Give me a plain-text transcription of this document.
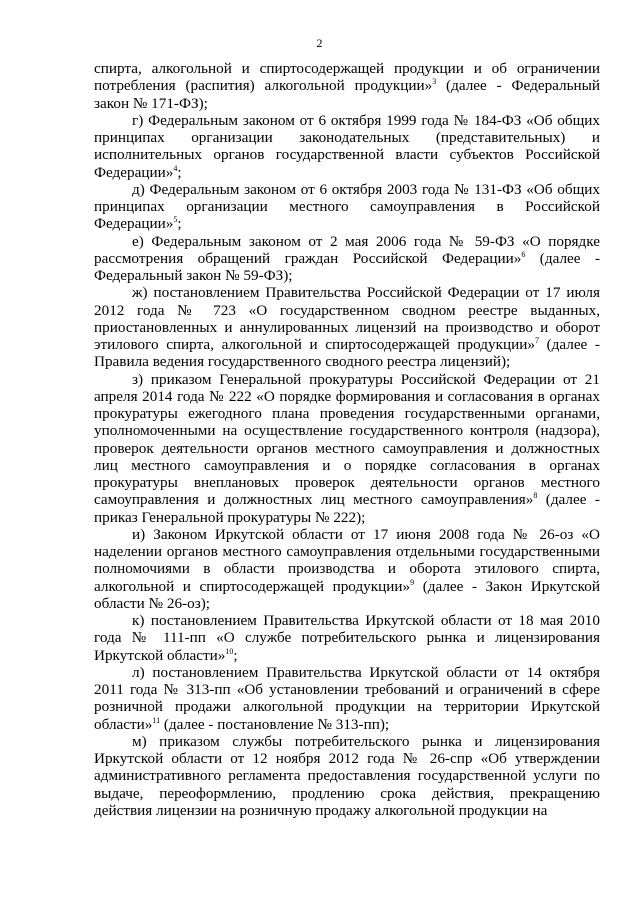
2

спирта, алкогольной и спиртосодержащей продукции и об ограничении потребления (распития) алкогольной продукции»$^3$ (далее - Федеральный закон № 171-ФЗ);

г) Федеральным законом от 6 октября 1999 года № 184-ФЗ «Об общих принципах организации законодательных (представительных) и исполнительных органов государственной власти субъектов Российской Федерации»$^4$;

д) Федеральным законом от 6 октября 2003 года № 131-ФЗ «Об общих принципах организации местного самоуправления в Российской Федерации»$^5$;

е) Федеральным законом от 2 мая 2006 года № 59-ФЗ «О порядке рассмотрения обращений граждан Российской Федерации»$^6$ (далее - Федеральный закон № 59-ФЗ);

ж) постановлением Правительства Российской Федерации от 17 июля 2012 года № 723 «О государственном сводном реестре выданных, приостановленных и аннулированных лицензий на производство и оборот этилового спирта, алкогольной и спиртосодержащей продукции»$^7$ (далее - Правила ведения государственного сводного реестра лицензий);

з) приказом Генеральной прокуратуры Российской Федерации от 21 апреля 2014 года № 222 «О порядке формирования и согласования в органах прокуратуры ежегодного плана проведения государственными органами, уполномоченными на осуществление государственного контроля (надзора), проверок деятельности органов местного самоуправления и должностных лиц местного самоуправления и о порядке согласования в органах прокуратуры внеплановых проверок деятельности органов местного самоуправления и должностных лиц местного самоуправления»$^8$ (далее - приказ Генеральной прокуратуры № 222);

и) Законом Иркутской области от 17 июня 2008 года № 26-оз «О наделении органов местного самоуправления отдельными государственными полномочиями в области производства и оборота этилового спирта, алкогольной и спиртосодержащей продукции»$^9$ (далее - Закон Иркутской области № 26-оз);

к) постановлением Правительства Иркутской области от 18 мая 2010 года № 111-пп «О службе потребительского рынка и лицензирования Иркутской области»$^{10}$;

л) постановлением Правительства Иркутской области от 14 октября 2011 года № 313-пп «Об установлении требований и ограничений в сфере розничной продажи алкогольной продукции на территории Иркутской области»$^{11}$ (далее - постановление № 313-пп);

м) приказом службы потребительского рынка и лицензирования Иркутской области от 12 ноября 2012 года № 26-спр «Об утверждении административного регламента предоставления государственной услуги по выдаче, переоформлению, продлению срока действия, прекращению действия лицензии на розничную продажу алкогольной продукции на
